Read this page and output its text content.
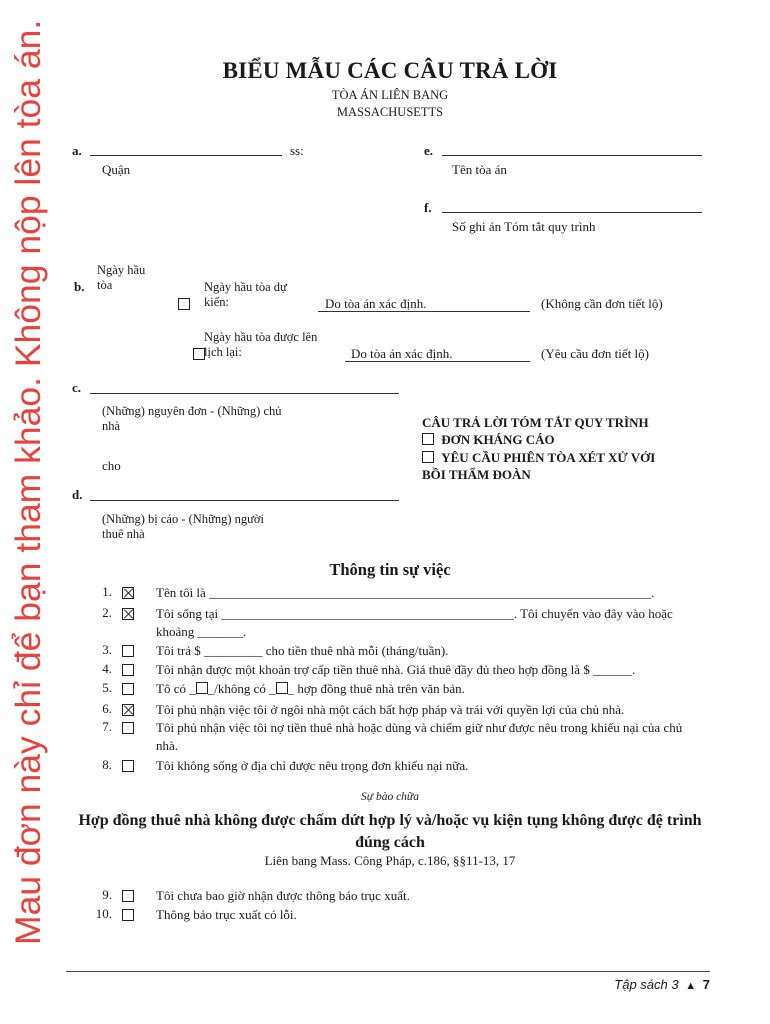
Mau đơn này chỉ để bạn tham khảo. Không nộp lên tòa án.	BIỂU MẪU CÁC CÂU TRẢ LỜI
TÒA ÁN LIÊN BANG
MASSACHUSETTS
a.	ss:
Quận
e.
Tên tòa án
f.
Số ghi án Tóm tắt quy trình
b.
Ngày hầu tòa
	Ngày hầu tòa dự kiến:	Do tòa án xác định.	(Không cần đơn tiết lộ)
Ngày hầu tòa được lên lịch lại:	Do tòa án xác định.	(Yêu cầu đơn tiết lộ)
c.
(Những) nguyên đơn - (Những) chủ nhà
cho
d.
(Những) bị cáo - (Những) người thuê nhà
CÂU TRẢ LỜI TÓM TẮT QUY TRÌNH
ĐƠN KHÁNG CÁO
YÊU CẦU PHIÊN TÒA XÉT XỬ VỚI BỒI THẨM ĐOÀN
Thông tin sự việc
1.	Tên tôi là ____________________________________________________________________.
2.	Tôi sống tại _____________________________________________. Tôi chuyển vào đây vào hoặc khoảng _______.
3.	Tôi trả $ _________ cho tiền thuê nhà mỗi (tháng/tuần).
4.	Tôi nhận được một khoản trợ cấp tiền thuê nhà. Giá thuê đầy đủ theo hợp đồng là $ ______.
5.	Tô có _ _/không có _ _ hợp đồng thuê nhà trên văn bản.
6.	Tôi phủ nhận việc tôi ở ngôi nhà một cách bất hợp pháp và trái với quyền lợi của chủ nhà.
7.	Tôi phủ nhận việc tôi nợ tiền thuê nhà hoặc dùng và chiếm giữ như được nêu trong khiếu nại của chủ nhà.
8.	Tôi không sống ở địa chỉ được nêu trọng đơn khiếu nại nữa.
Sự bào chữa
Hợp đồng thuê nhà không được chấm dứt hợp lý và/hoặc vụ kiện tụng không được đệ trình đúng cách
Liên bang Mass. Công Pháp, c.186, §§11-13, 17
9.	Tôi chưa bao giờ nhận được thông báo trục xuất.
10.	Thông báo trục xuất có lỗi.
Tập sách 3 ▲ 7
